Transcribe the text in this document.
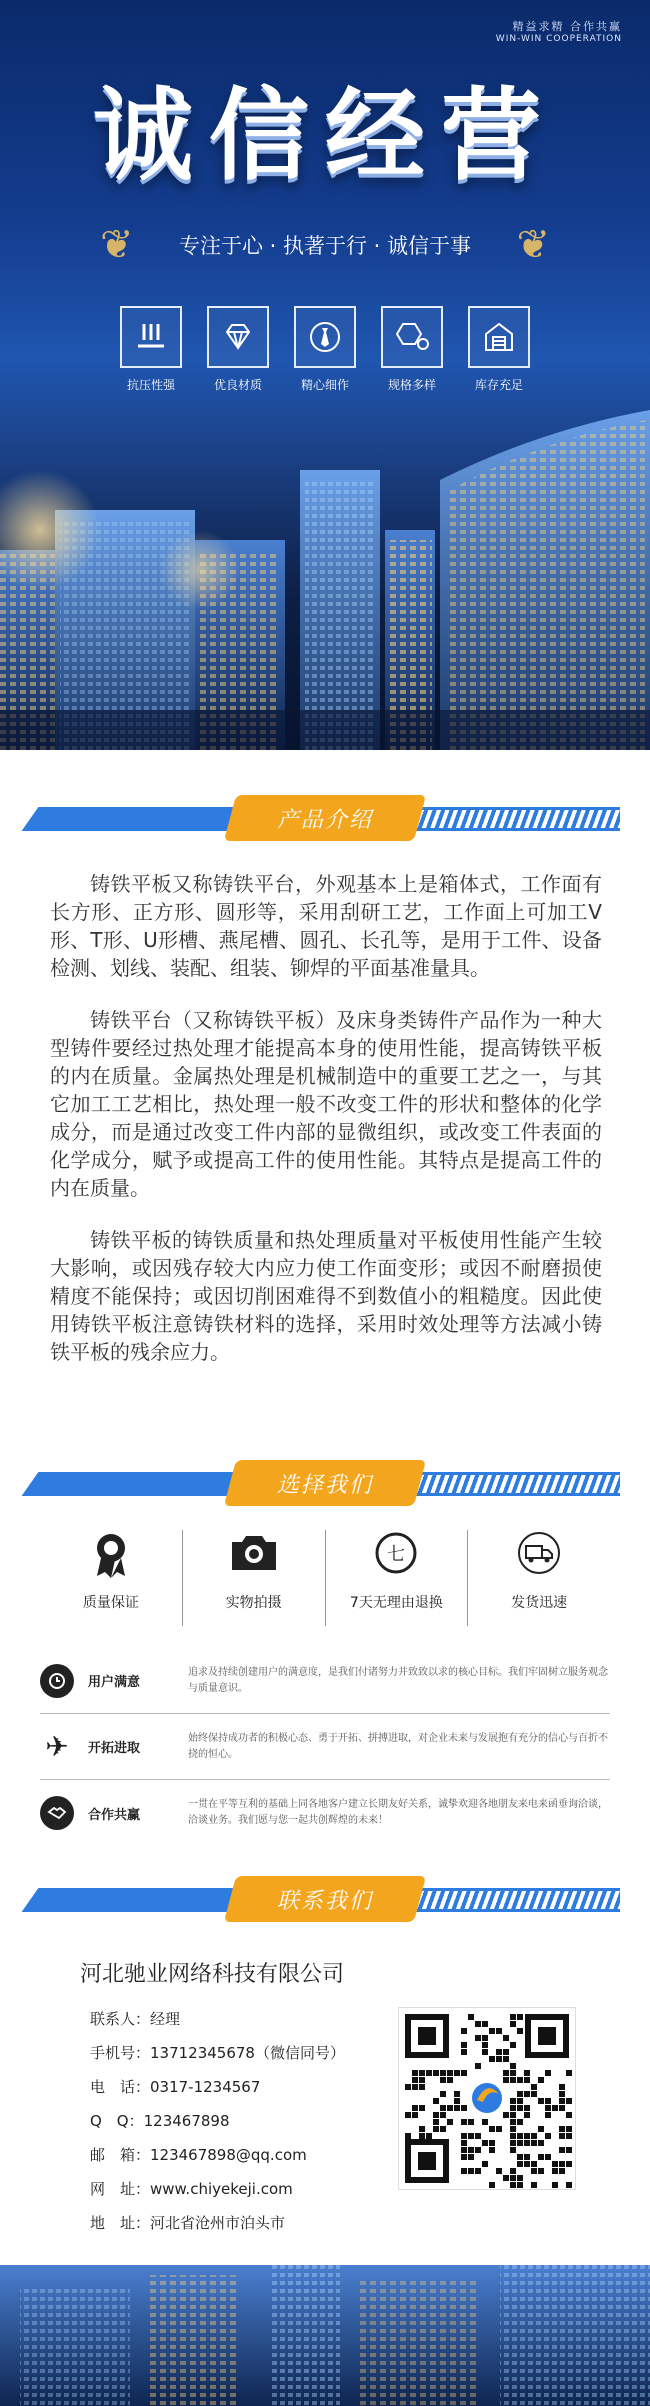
精益求精 合作共赢
WIN-WIN COOPERATION
诚信经营
❦	专注于心 · 执著于行 · 诚信于事	❦
抗压性强	优良材质	精心细作	规格多样	库存充足
产品介绍

铸铁平板又称铸铁平台，外观基本上是箱体式，工作面有长方形、正方形、圆形等，采用刮研工艺，工作面上可加工V形、T形、U形槽、燕尾槽、圆孔、长孔等，是用于工件、设备检测、划线、装配、组装、铆焊的平面基准量具。

铸铁平台（又称铸铁平板）及床身类铸件产品作为一种大型铸件要经过热处理才能提高本身的使用性能，提高铸铁平板的内在质量。金属热处理是机械制造中的重要工艺之一，与其它加工工艺相比，热处理一般不改变工件的形状和整体的化学成分，而是通过改变工件内部的显微组织，或改变工件表面的化学成分，赋予或提高工件的使用性能。其特点是提高工件的内在质量。

铸铁平板的铸铁质量和热处理质量对平板使用性能产生较大影响，或因残存较大内应力使工作面变形；或因不耐磨损使精度不能保持；或因切削困难得不到数值小的粗糙度。因此使用铸铁平板注意铸铁材料的选择，采用时效处理等方法减小铸铁平板的残余应力。

选择我们
质量保证	实物拍摄
七
7天无理由退换	发货迅速
用户满意
追求及持续创建用户的满意度，是我们付诸努力并致致以求的核心目标。我们牢固树立服务观念与质量意识。
✈	开拓进取
始终保持成功者的积极心态、勇于开拓、拼搏进取，对企业未来与发展抱有充分的信心与百折不挠的恒心。
合作共赢
一贯在平等互利的基础上同各地客户建立长期友好关系，诚挚欢迎各地朋友来电来函垂询洽谈，洽谈业务。我们愿与您一起共创辉煌的未来！
联系我们
河北驰业网络科技有限公司
联系人：经理
手机号：13712345678（微信同号）
电　话：0317-1234567
Q　Q：123467898
邮　箱：123467898@qq.com
网　址：www.chiyekeji.com
地　址：河北省沧州市泊头市
